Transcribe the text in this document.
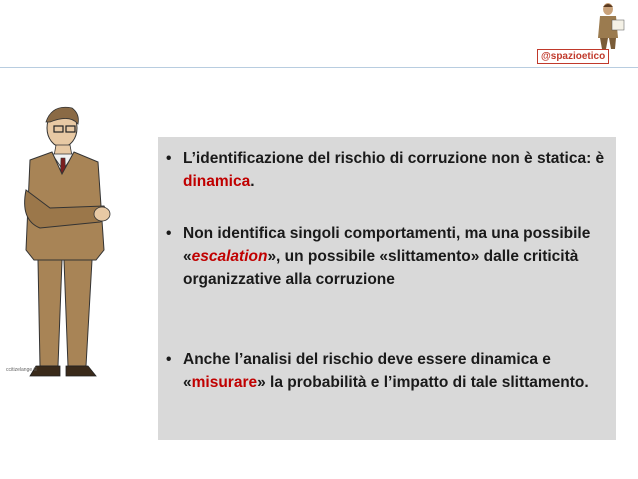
@spazioetico
ccitizelange ©
• L’identificazione del rischio di corruzione non è statica: è dinamica.
• Non identifica singoli comportamenti, ma una possibile «escalation», un possibile «slittamento» dalle criticità organizzative alla corruzione
• Anche l’analisi del rischio deve essere dinamica e «misurare» la probabilità e l’impatto di tale slittamento.
